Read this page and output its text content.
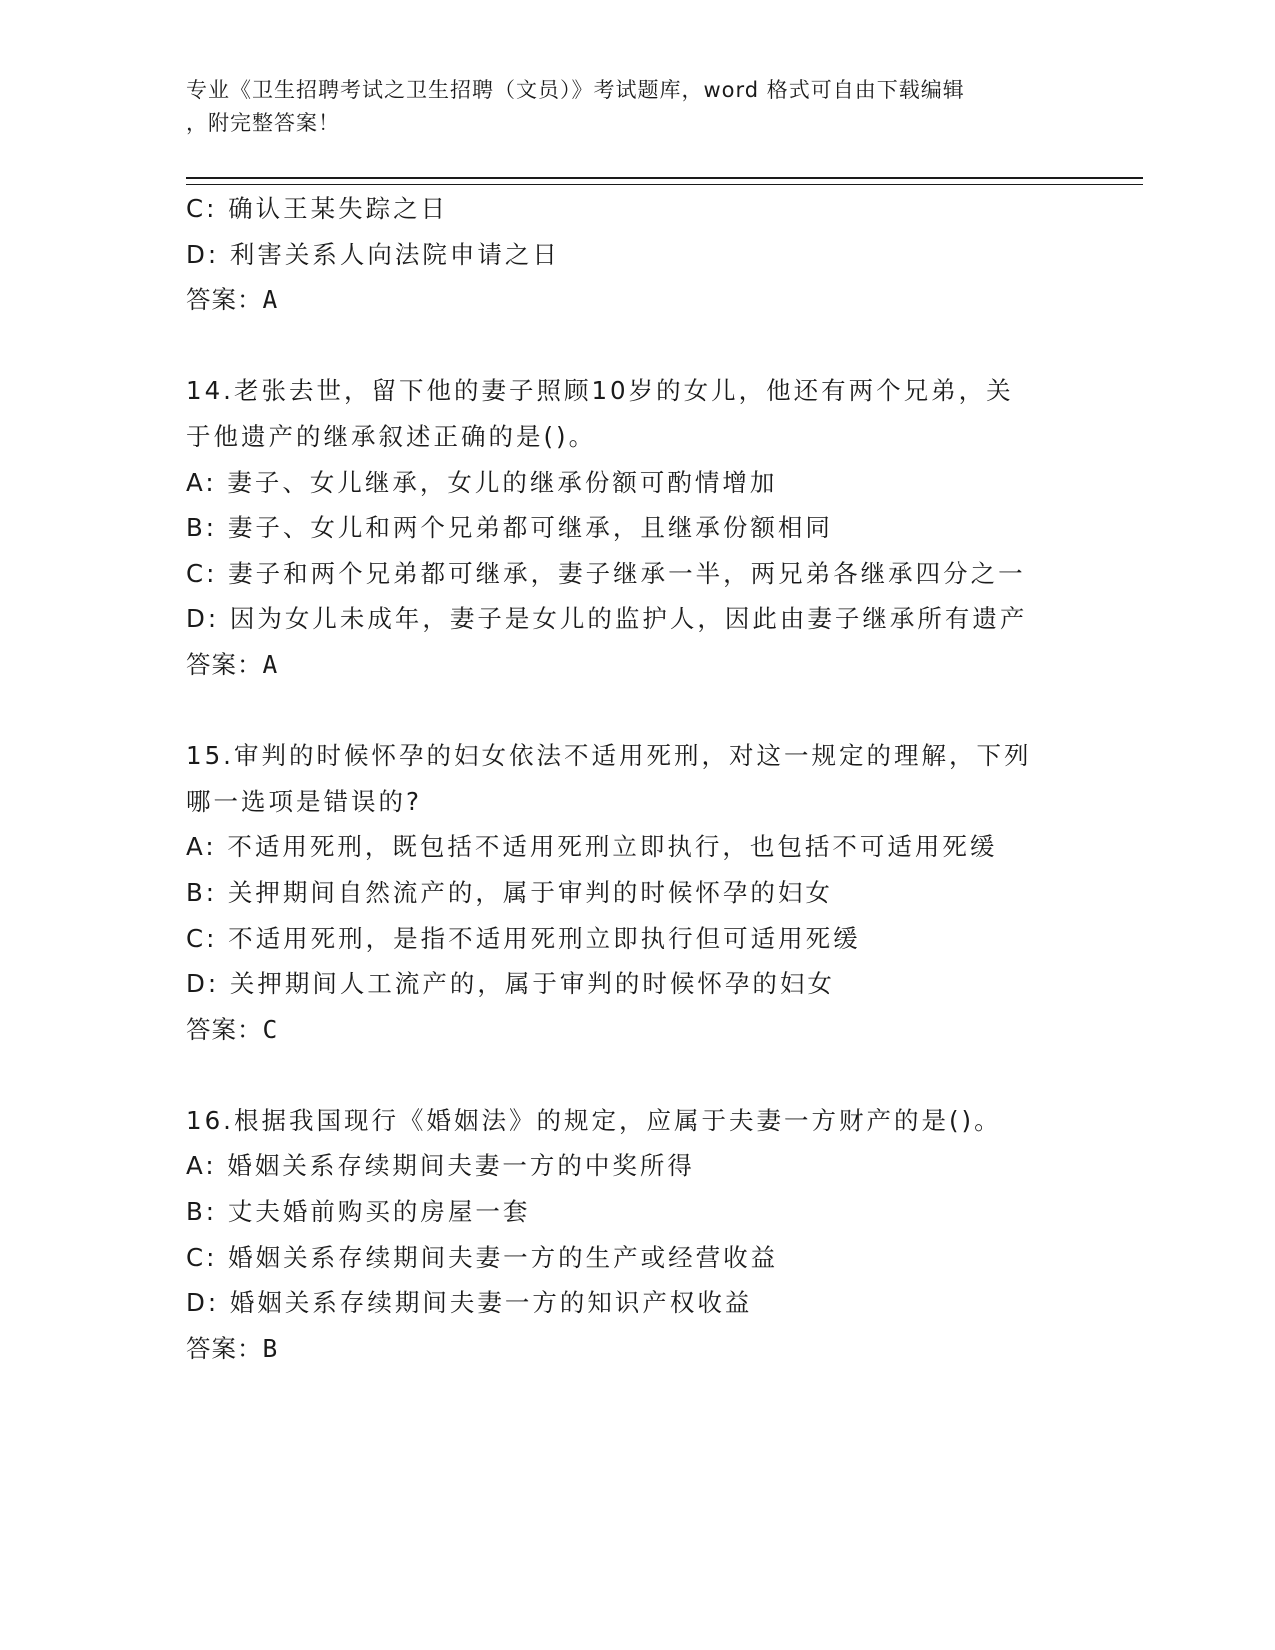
专业《卫生招聘考试之卫生招聘（文员）》考试题库，word 格式可自由下载编辑
，附完整答案！
C: 确认王某失踪之日
D: 利害关系人向法院申请之日
答案：A
14.老张去世，留下他的妻子照顾10岁的女儿，他还有两个兄弟，关
于他遗产的继承叙述正确的是()。
A: 妻子、女儿继承，女儿的继承份额可酌情增加
B: 妻子、女儿和两个兄弟都可继承，且继承份额相同
C: 妻子和两个兄弟都可继承，妻子继承一半，两兄弟各继承四分之一
D: 因为女儿未成年，妻子是女儿的监护人，因此由妻子继承所有遗产
答案：A
15.审判的时候怀孕的妇女依法不适用死刑，对这一规定的理解，下列
哪一选项是错误的?
A: 不适用死刑，既包括不适用死刑立即执行，也包括不可适用死缓
B: 关押期间自然流产的，属于审判的时候怀孕的妇女
C: 不适用死刑，是指不适用死刑立即执行但可适用死缓
D: 关押期间人工流产的，属于审判的时候怀孕的妇女
答案：C
16.根据我国现行《婚姻法》的规定，应属于夫妻一方财产的是()。
A: 婚姻关系存续期间夫妻一方的中奖所得
B: 丈夫婚前购买的房屋一套
C: 婚姻关系存续期间夫妻一方的生产或经营收益
D: 婚姻关系存续期间夫妻一方的知识产权收益
答案：B
